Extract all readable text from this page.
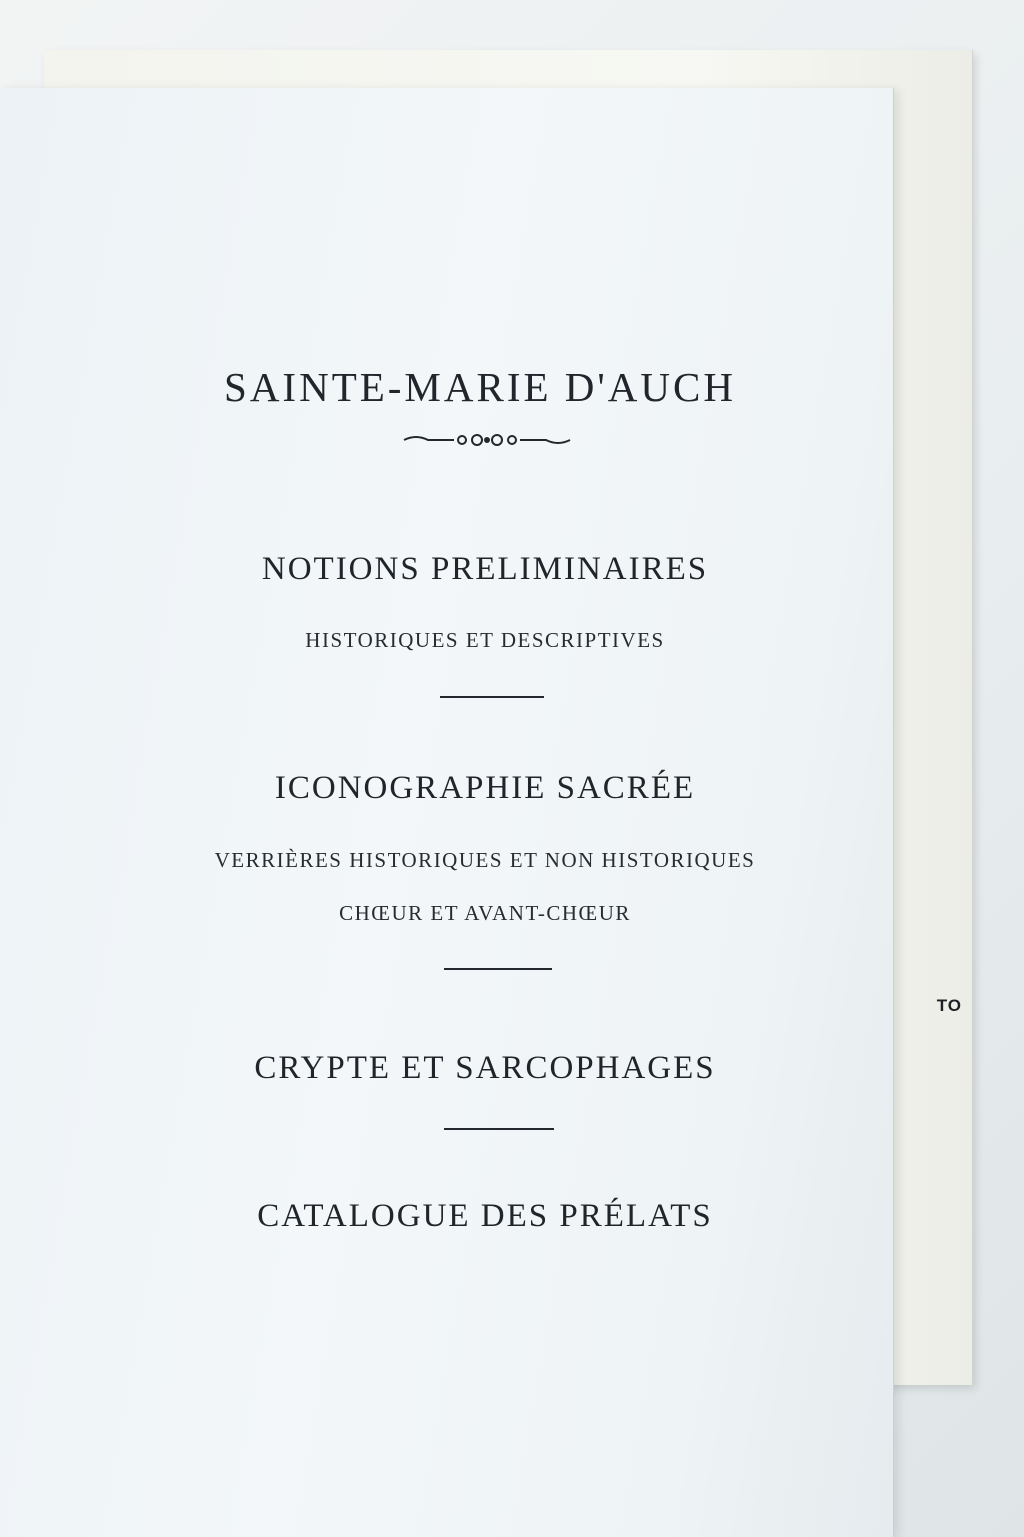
TO
SAINTE-MARIE D'AUCH
NOTIONS PRELIMINAIRES
HISTORIQUES ET DESCRIPTIVES
ICONOGRAPHIE SACRÉE
VERRIÈRES HISTORIQUES ET NON HISTORIQUES
CHŒUR ET AVANT-CHŒUR
CRYPTE ET SARCOPHAGES
CATALOGUE DES PRÉLATS
